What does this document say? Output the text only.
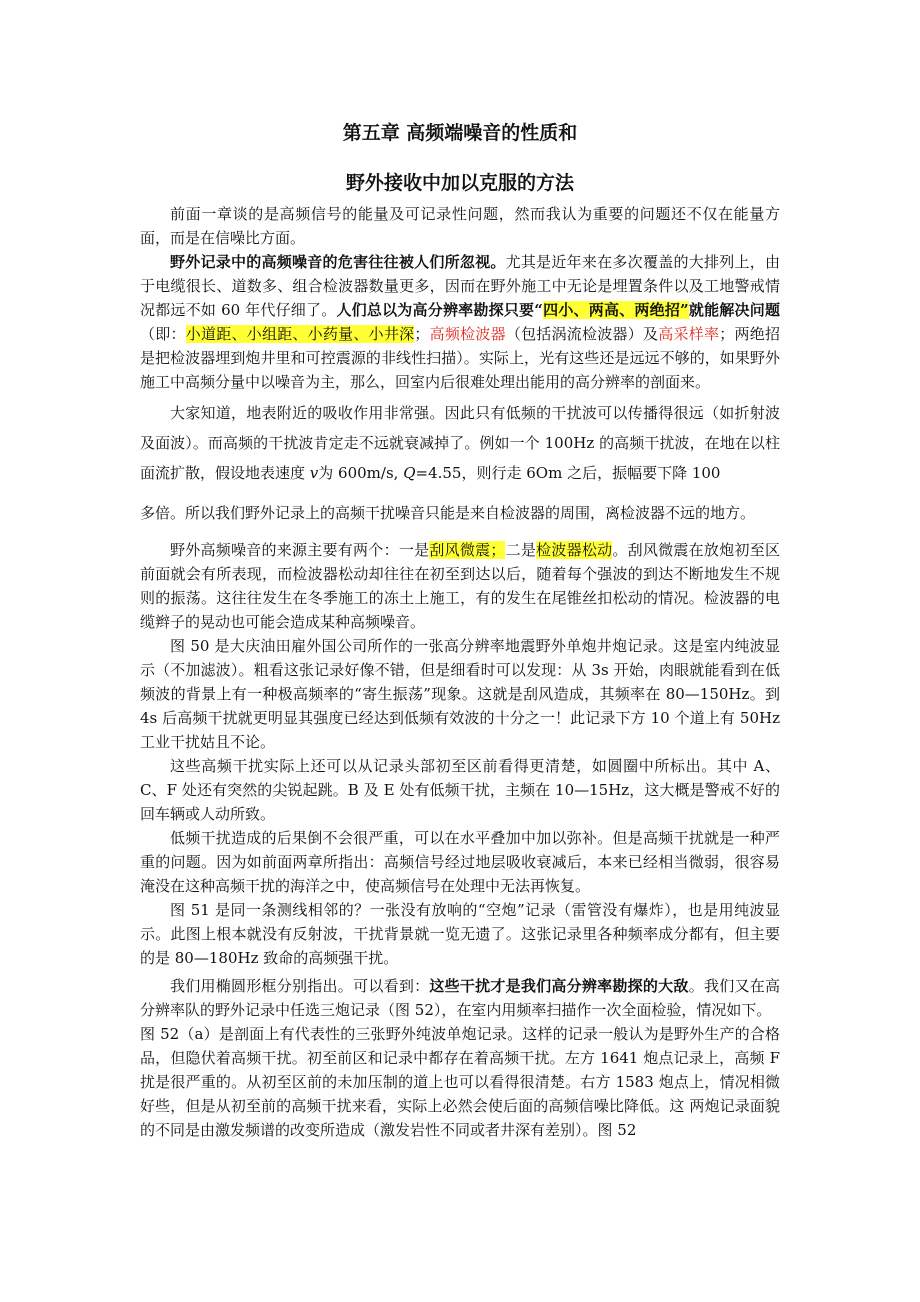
第五章 高频端噪音的性质和
野外接收中加以克服的方法

前面一章谈的是高频信号的能量及可记录性问题，然而我认为重要的问题还不仅在能量方面，而是在信噪比方面。

野外记录中的高频噪音的危害往往被人们所忽视。尤其是近年来在多次覆盖的大排列上，由于电缆很长、道数多、组合检波器数量更多，因而在野外施工中无论是埋置条件以及工地警戒情况都远不如 60 年代仔细了。人们总以为高分辨率勘探只要“四小、两高、两绝招”就能解决问题（即：小道距、小组距、小药量、小井深；高频检波器（包括涡流检波器）及高采样率；两绝招是把检波器埋到炮井里和可控震源的非线性扫描）。实际上，光有这些还是远远不够的，如果野外施工中高频分量中以噪音为主，那么，回室内后很难处理出能用的高分辨率的剖面来。

大家知道，地表附近的吸收作用非常强。因此只有低频的干扰波可以传播得很远（如折射波及面波）。而高频的干扰波肯定走不远就衰减掉了。例如一个 100Hz 的高频干扰波，在地在以柱面流扩散，假设地表速度 v为 600m/s, Q=4.55，则行走 6Om 之后，振幅要下降 100

多倍。所以我们野外记录上的高频干扰噪音只能是来自检波器的周围，离检波器不远的地方。

野外高频噪音的来源主要有两个：一是刮风微震；二是检波器松动。刮风微震在放炮初至区前面就会有所表现，而检波器松动却往往在初至到达以后，随着每个强波的到达不断地发生不规则的振荡。这往往发生在冬季施工的冻土上施工，有的发生在尾锥丝扣松动的情况。检波器的电缆辫子的晃动也可能会造成某种高频噪音。

图 50 是大庆油田雇外国公司所作的一张高分辨率地震野外单炮井炮记录。这是室内纯波显示（不加滤波）。粗看这张记录好像不错，但是细看时可以发现：从 3s 开始，肉眼就能看到在低频波的背景上有一种极高频率的“寄生振荡”现象。这就是刮风造成，其频率在 80—150Hz。到 4s 后高频干扰就更明显其强度已经达到低频有效波的十分之一！此记录下方 10 个道上有 50Hz 工业干扰姑且不论。

这些高频干扰实际上还可以从记录头部初至区前看得更清楚，如圆圈中所标出。其中 A、C、F 处还有突然的尖锐起跳。B 及 E 处有低频干扰，主频在 10—15Hz，这大概是警戒不好的回车辆或人动所致。

低频干扰造成的后果倒不会很严重，可以在水平叠加中加以弥补。但是高频干扰就是一种严重的问题。因为如前面两章所指出：高频信号经过地层吸收衰减后，本来已经相当微弱，很容易淹没在这种高频干扰的海洋之中，使高频信号在处理中无法再恢复。

图 51 是同一条测线相邻的？一张没有放响的“空炮”记录（雷管没有爆炸），也是用纯波显示。此图上根本就没有反射波，干扰背景就一览无遗了。这张记录里各种频率成分都有，但主要的是 80—180Hz 致命的高频强干扰。

我们用椭圆形框分别指出。可以看到：这些干扰才是我们高分辨率勘探的大敌。我们又在高分辨率队的野外记录中任选三炮记录（图 52），在室内用频率扫描作一次全面检验，情况如下。

图 52（a）是剖面上有代表性的三张野外纯波单炮记录。这样的记录一般认为是野外生产的合格品，但隐伏着高频干扰。初至前区和记录中都存在着高频干扰。左方 1641 炮点记录上，高频 F 扰是很严重的。从初至区前的未加压制的道上也可以看得很清楚。右方 1583 炮点上，情况相微好些，但是从初至前的高频干扰来看，实际上必然会使后面的高频信噪比降低。这 两炮记录面貌的不同是由激发频谱的改变所造成（激发岩性不同或者井深有差别）。图 52
